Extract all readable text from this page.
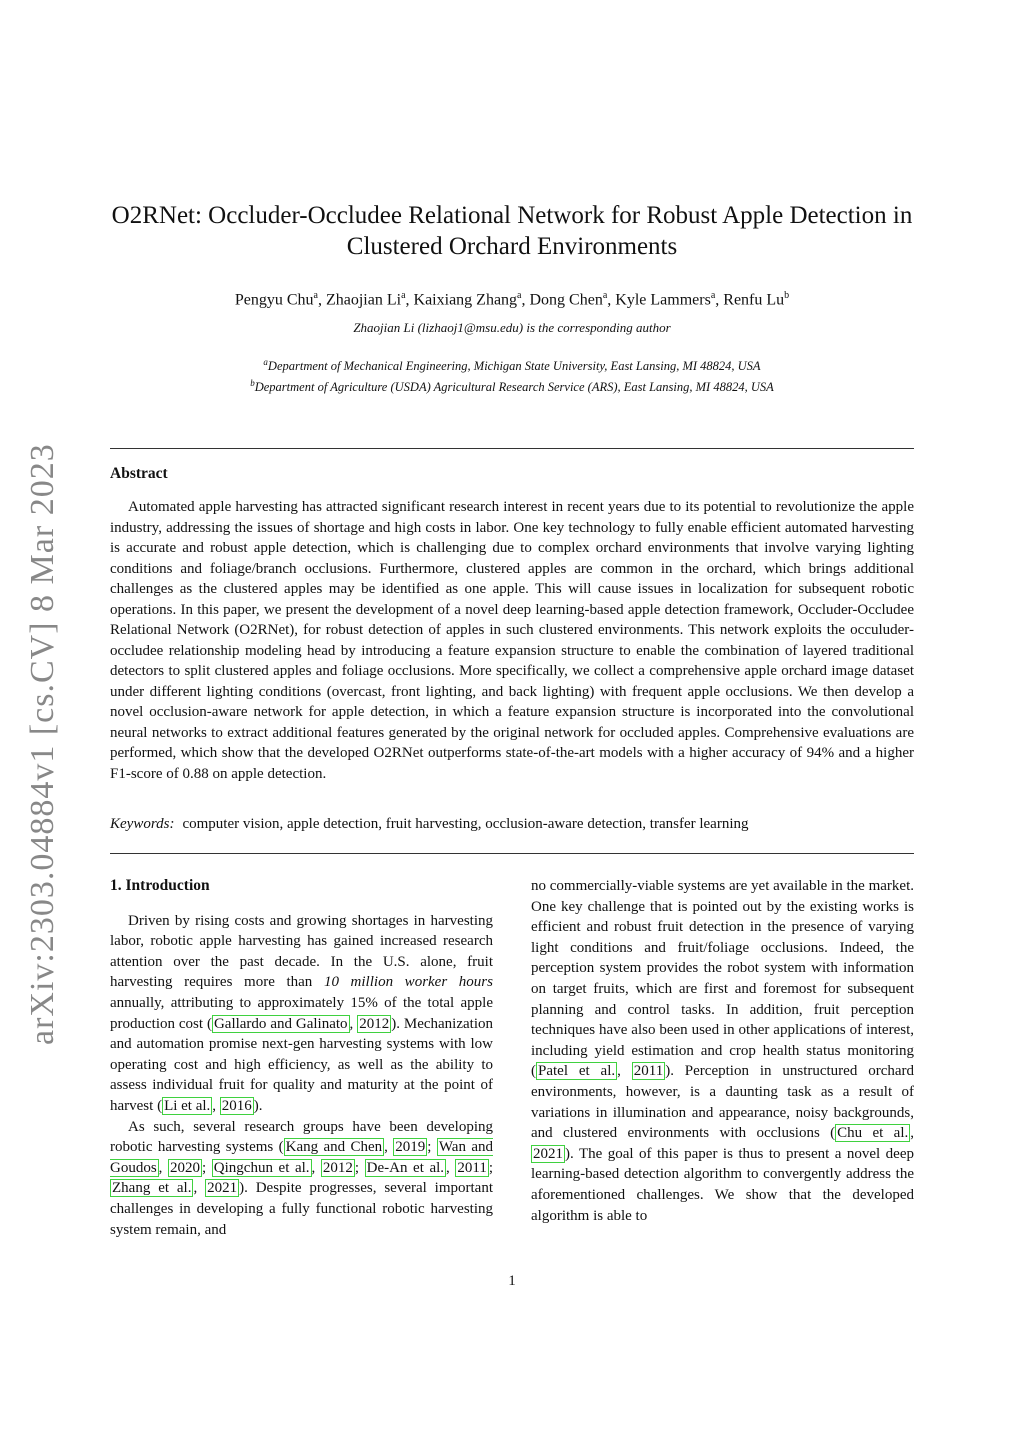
arXiv:2303.04884v1 [cs.CV] 8 Mar 2023
O2RNet: Occluder-Occludee Relational Network for Robust Apple Detection in
Clustered Orchard Environments
Pengyu Chu$^a$, Zhaojian Li$^a$, Kaixiang Zhang$^a$, Dong Chen$^a$, Kyle Lammers$^a$, Renfu Lu$^b$
Zhaojian Li (lizhaoj1@msu.edu) is the corresponding author
$^a$Department of Mechanical Engineering, Michigan State University, East Lansing, MI 48824, USA
$^b$Department of Agriculture (USDA) Agricultural Research Service (ARS), East Lansing, MI 48824, USA
Abstract

Automated apple harvesting has attracted significant research interest in recent years due to its potential to revolutionize the apple industry, addressing the issues of shortage and high costs in labor. One key technology to fully enable efficient automated harvesting is accurate and robust apple detection, which is challenging due to complex orchard environments that involve varying lighting conditions and foliage/branch occlusions. Furthermore, clustered apples are common in the orchard, which brings additional challenges as the clustered apples may be identified as one apple. This will cause issues in localization for subsequent robotic operations. In this paper, we present the development of a novel deep learning-based apple detection framework, Occluder-Occludee Relational Network (O2RNet), for robust detection of apples in such clustered environments. This network exploits the occuluder-occludee relationship modeling head by introducing a feature expansion structure to enable the combination of layered traditional detectors to split clustered apples and foliage occlusions. More specifically, we collect a comprehensive apple orchard image dataset under different lighting conditions (overcast, front lighting, and back lighting) with frequent apple occlusions. We then develop a novel occlusion-aware network for apple detection, in which a feature expansion structure is incorporated into the convolutional neural networks to extract additional features generated by the original network for occluded apples. Comprehensive evaluations are performed, which show that the developed O2RNet outperforms state-of-the-art models with a higher accuracy of 94% and a higher F1-score of 0.88 on apple detection.

Keywords: computer vision, apple detection, fruit harvesting, occlusion-aware detection, transfer learning
1. Introduction

Driven by rising costs and growing shortages in harvesting labor, robotic apple harvesting has gained increased research attention over the past decade. In the U.S. alone, fruit harvesting requires more than 10 million worker hours annually, attributing to approximately 15% of the total apple production cost ( Gallardo and Galinato , 2012 ). Mechanization and automation promise next-gen harvesting systems with low operating cost and high efficiency, as well as the ability to assess individual fruit for quality and maturity at the point of harvest ( Li et al. , 2016 ).

As such, several research groups have been developing robotic harvesting systems ( Kang and Chen , 2019 ; Wan and Goudos , 2020 ; Qingchun et al. , 2012 ; De-An et al. , 2011 ; Zhang et al. , 2021 ). Despite progresses, several important challenges in developing a fully functional robotic harvesting system remain, and

no commercially-viable systems are yet available in the market. One key challenge that is pointed out by the existing works is efficient and robust fruit detection in the presence of varying light conditions and fruit/foliage occlusions. Indeed, the perception system provides the robot system with information on target fruits, which are first and foremost for subsequent planning and control tasks. In addition, fruit perception techniques have also been used in other applications of interest, including yield estimation and crop health status monitoring ( Patel et al. , 2011 ). Perception in unstructured orchard environments, however, is a daunting task as a result of variations in illumination and appearance, noisy backgrounds, and clustered environments with occlusions ( Chu et al. , 2021 ). The goal of this paper is thus to present a novel deep learning-based detection algorithm to convergently address the aforementioned challenges. We show that the developed algorithm is able to

1
